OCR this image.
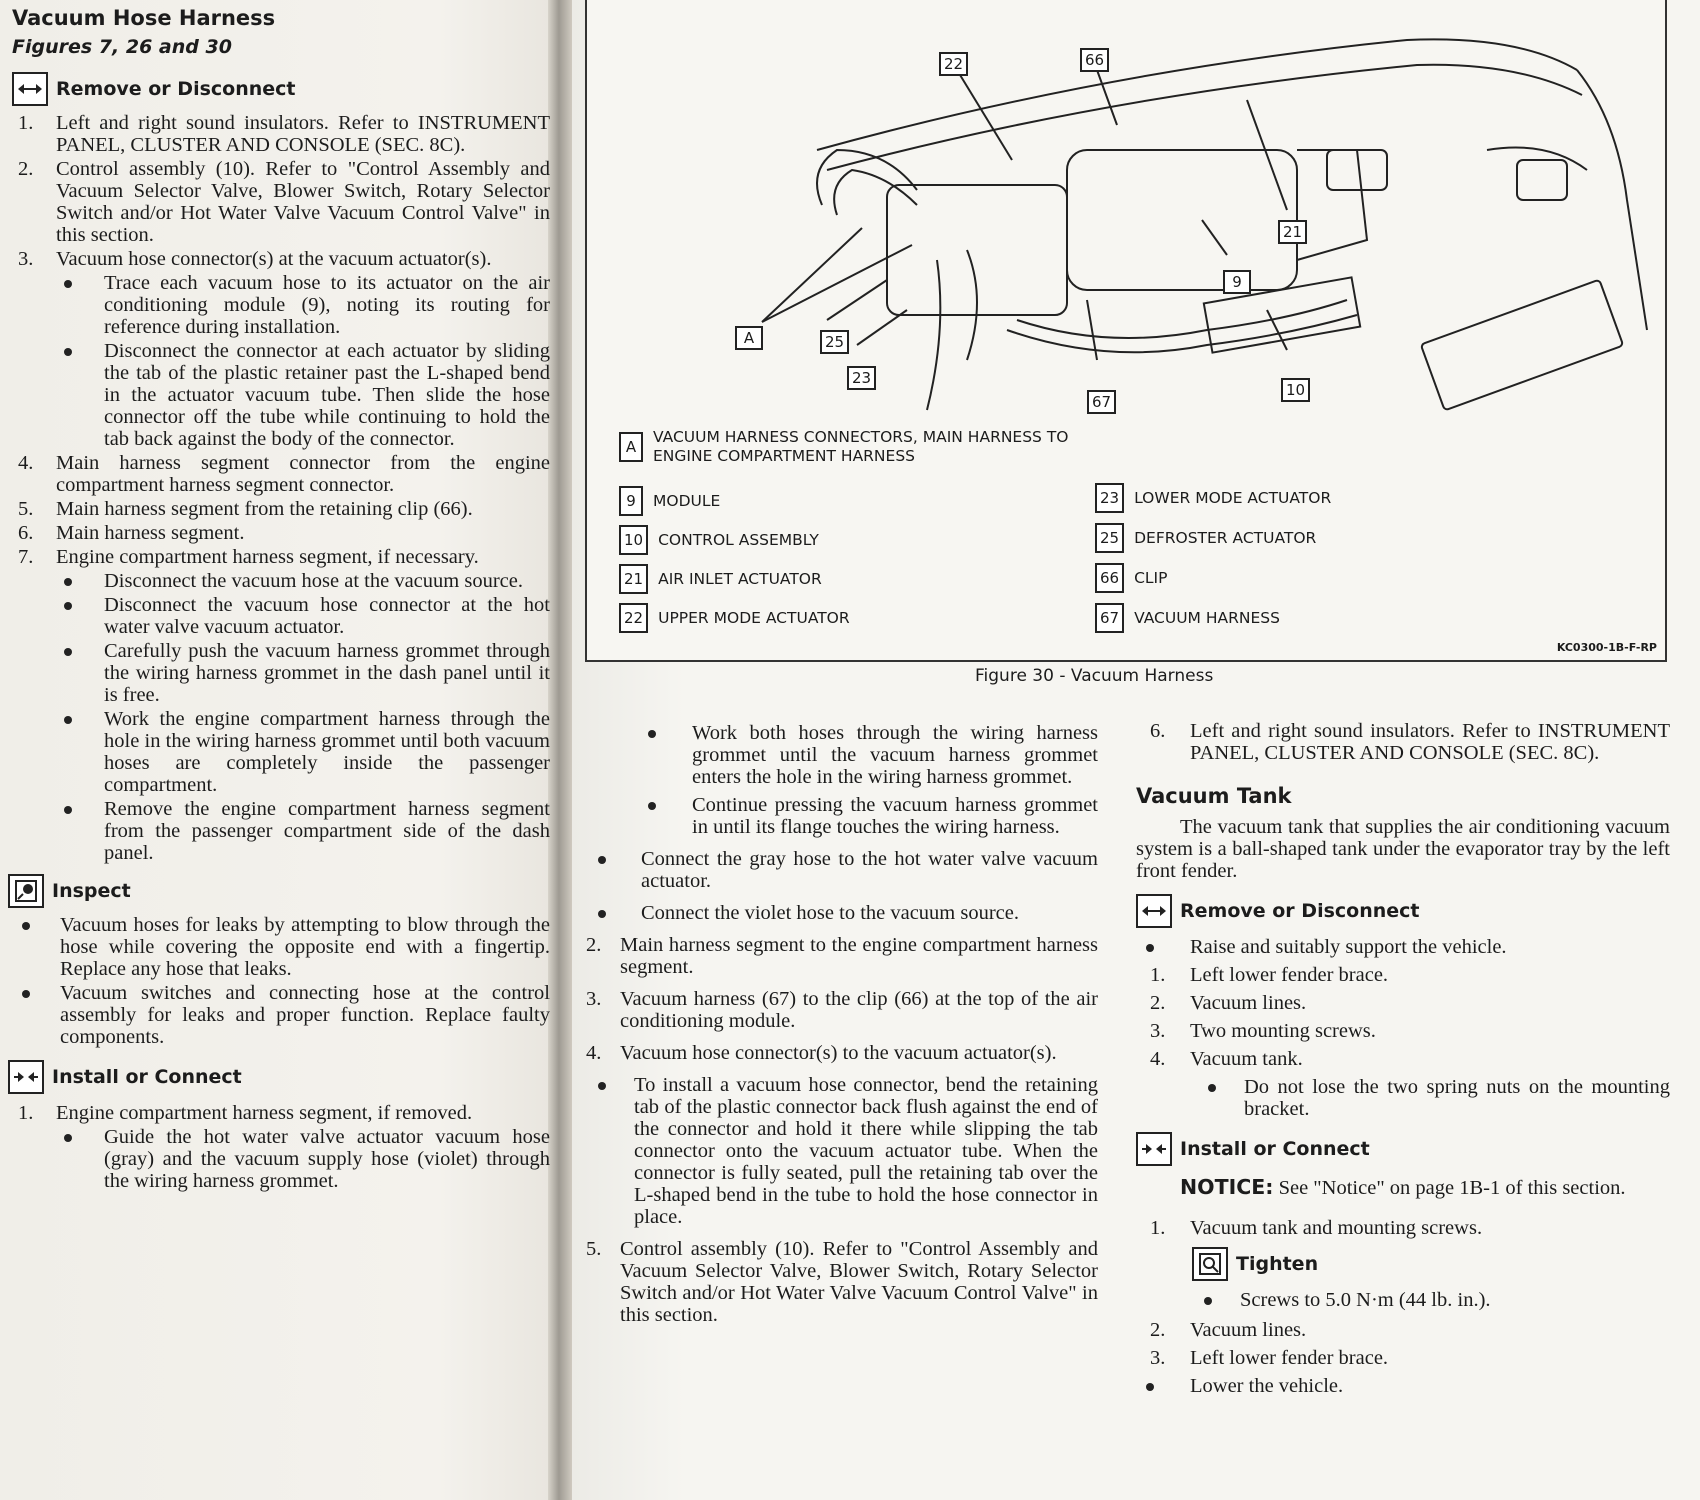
Vacuum Hose Harness
Figures 7, 26 and 30
Remove or Disconnect
1. Left and right sound insulators. Refer to INSTRUMENT PANEL, CLUSTER AND CONSOLE (SEC. 8C).
2. Control assembly (10). Refer to "Control Assembly and Vacuum Selector Valve, Blower Switch, Rotary Selector Switch and/or Hot Water Valve Vacuum Control Valve" in this section.
3. Vacuum hose connector(s) at the vacuum actuator(s).
Trace each vacuum hose to its actuator on the air conditioning module (9), noting its routing for reference during installation.
Disconnect the connector at each actuator by sliding the tab of the plastic retainer past the L-shaped bend in the actuator vacuum tube. Then slide the hose connector off the tube while continuing to hold the tab back against the body of the connector.
4. Main harness segment connector from the engine compartment harness segment connector.
5. Main harness segment from the retaining clip (66).
6. Main harness segment.
7. Engine compartment harness segment, if necessary.
Disconnect the vacuum hose at the vacuum source.
Disconnect the vacuum hose connector at the hot water valve vacuum actuator.
Carefully push the vacuum harness grommet through the wiring harness grommet in the dash panel until it is free.
Work the engine compartment harness through the hole in the wiring harness grommet until both vacuum hoses are completely inside the passenger compartment.
Remove the engine compartment harness segment from the passenger compartment side of the dash panel.
Inspect
Vacuum hoses for leaks by attempting to blow through the hose while covering the opposite end with a fingertip. Replace any hose that leaks.
Vacuum switches and connecting hose at the control assembly for leaks and proper function. Replace faulty components.
Install or Connect
1. Engine compartment harness segment, if removed.
Guide the hot water valve actuator vacuum hose (gray) and the vacuum supply hose (violet) through the wiring harness grommet.
22	66
21
9
A	25
23
67
10
A
VACUUM HARNESS CONNECTORS, MAIN HARNESS TO ENGINE COMPARTMENT HARNESS
9	MODULE
10 CONTROL ASSEMBLY
21 AIR INLET ACTUATOR
22 UPPER MODE ACTUATOR
23 LOWER MODE ACTUATOR
25 DEFROSTER ACTUATOR
66 CLIP
67 VACUUM HARNESS
KC0300-1B-F-RP
Figure 30 - Vacuum Harness
Work both hoses through the wiring harness grommet until the vacuum harness grommet enters the hole in the wiring harness grommet.
Continue pressing the vacuum harness grommet in until its flange touches the wiring harness.
Connect the gray hose to the hot water valve vacuum actuator.
Connect the violet hose to the vacuum source.
2. Main harness segment to the engine compartment harness segment.
3. Vacuum harness (67) to the clip (66) at the top of the air conditioning module.
4. Vacuum hose connector(s) to the vacuum actuator(s).
To install a vacuum hose connector, bend the retaining tab of the plastic connector back flush against the end of the connector and hold it there while slipping the tab connector onto the vacuum actuator tube. When the connector is fully seated, pull the retaining tab over the L-shaped bend in the tube to hold the hose connector in place.
5. Control assembly (10). Refer to "Control Assembly and Vacuum Selector Valve, Blower Switch, Rotary Selector Switch and/or Hot Water Valve Vacuum Control Valve" in this section.
6. Left and right sound insulators. Refer to INSTRUMENT PANEL, CLUSTER AND CONSOLE (SEC. 8C).
Vacuum Tank
The vacuum tank that supplies the air conditioning vacuum system is a ball-shaped tank under the evaporator tray by the left front fender.
Remove or Disconnect
Raise and suitably support the vehicle.
1. Left lower fender brace.
2. Vacuum lines.
3. Two mounting screws.
4. Vacuum tank.
Do not lose the two spring nuts on the mounting bracket.
Install or Connect
NOTICE: See "Notice" on page 1B-1 of this section.
1. Vacuum tank and mounting screws.
Tighten
Screws to 5.0 N·m (44 lb. in.).
2. Vacuum lines.
3. Left lower fender brace.
Lower the vehicle.
